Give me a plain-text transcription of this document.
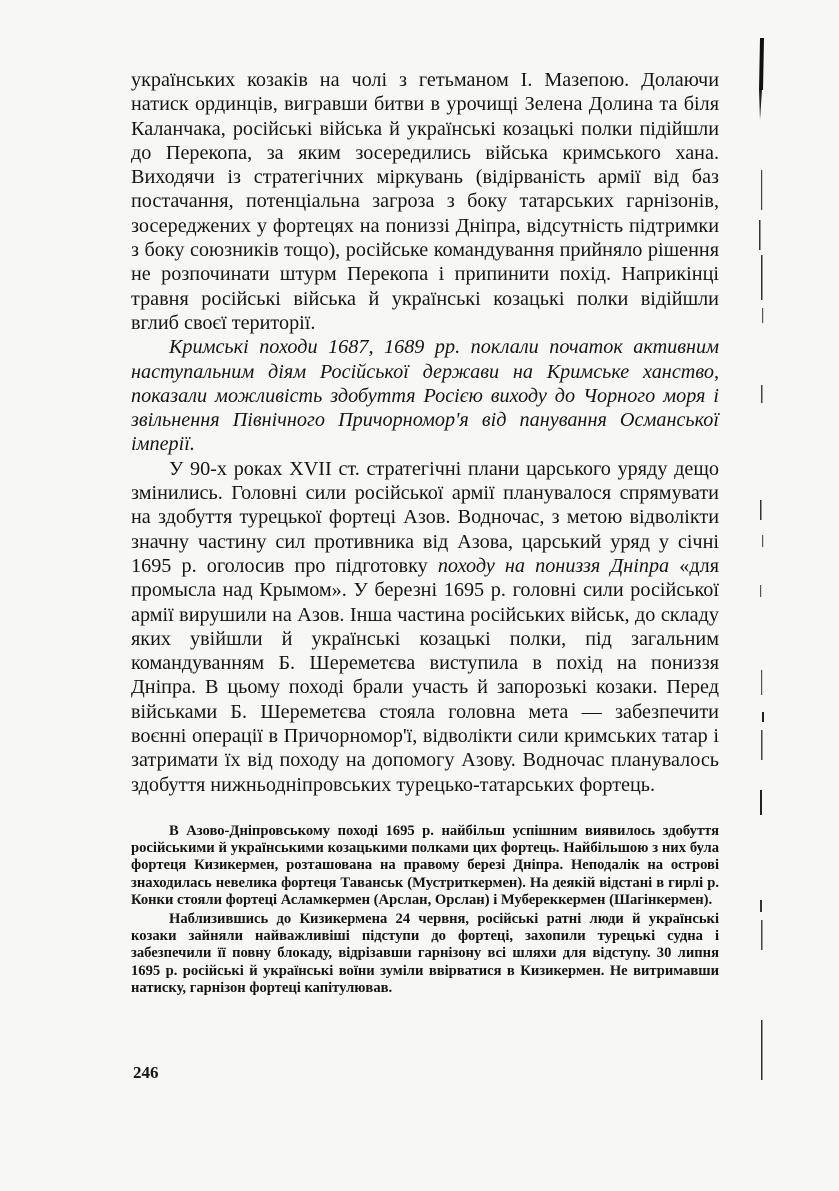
українських козаків на чолі з гетьманом І. Мазепою. Долаючи натиск ординців, вигравши битви в урочищі Зелена Долина та біля Каланчака, російські війська й українські козацькі полки підійшли до Перекопа, за яким зосередились війська кримського хана. Виходячи із стратегічних міркувань (відірваність армії від баз постачання, потенціальна загроза з боку татарських гарнізонів, зосереджених у фортецях на пониззі Дніпра, відсутність підтримки з боку союзників тощо), російське командування прийняло рішення не розпочинати штурм Перекопа і припинити похід. Наприкінці травня російські війська й українські козацькі полки відійшли вглиб своєї території.

Кримські походи 1687, 1689 рр. поклали початок активним наступальним діям Російської держави на Кримське ханство, показали можливість здобуття Росією виходу до Чорного моря і звільнення Північного Причорномор'я від панування Османської імперії.

У 90-х роках XVII ст. стратегічні плани царського уряду дещо змінились. Головні сили російської армії планувалося спрямувати на здобуття турецької фортеці Азов. Водночас, з метою відволікти значну частину сил противника від Азова, царський уряд у січні 1695 р. оголосив про підготовку походу на пониззя Дніпра «для промысла над Крымом». У березні 1695 р. головні сили російської армії вирушили на Азов. Інша частина російських військ, до складу яких увійшли й українські козацькі полки, під загальним командуванням Б. Шереметєва виступила в похід на пониззя Дніпра. В цьому поході брали участь й запорозькі козаки. Перед військами Б. Шереметєва стояла головна мета — забезпечити воєнні операції в Причорномор'ї, відволікти сили кримських татар і затримати їх від походу на допомогу Азову. Водночас планувалось здобуття нижньодніпровських турецько-татарських фортець.

В Азово-Дніпровському поході 1695 р. найбільш успішним виявилось здобуття російськими й українськими козацькими полками цих фортець. Найбільшою з них була фортеця Кизикермен, розташована на правому березі Дніпра. Неподалік на острові знаходилась невелика фортеця Таванськ (Мустриткермен). На деякій відстані в гирлі р. Конки стояли фортеці Асламкермен (Арслан, Орслан) і Мубереккермен (Шагінкермен).

Наблизившись до Кизикермена 24 червня, російські ратні люди й українські козаки зайняли найважливіші підступи до фортеці, захопили турецькі судна і забезпечили її повну блокаду, відрізавши гарнізону всі шляхи для відступу. 30 липня 1695 р. російські й українські воїни зуміли ввірватися в Кизикермен. Не витримавши натиску, гарнізон фортеці капітулював.

246
